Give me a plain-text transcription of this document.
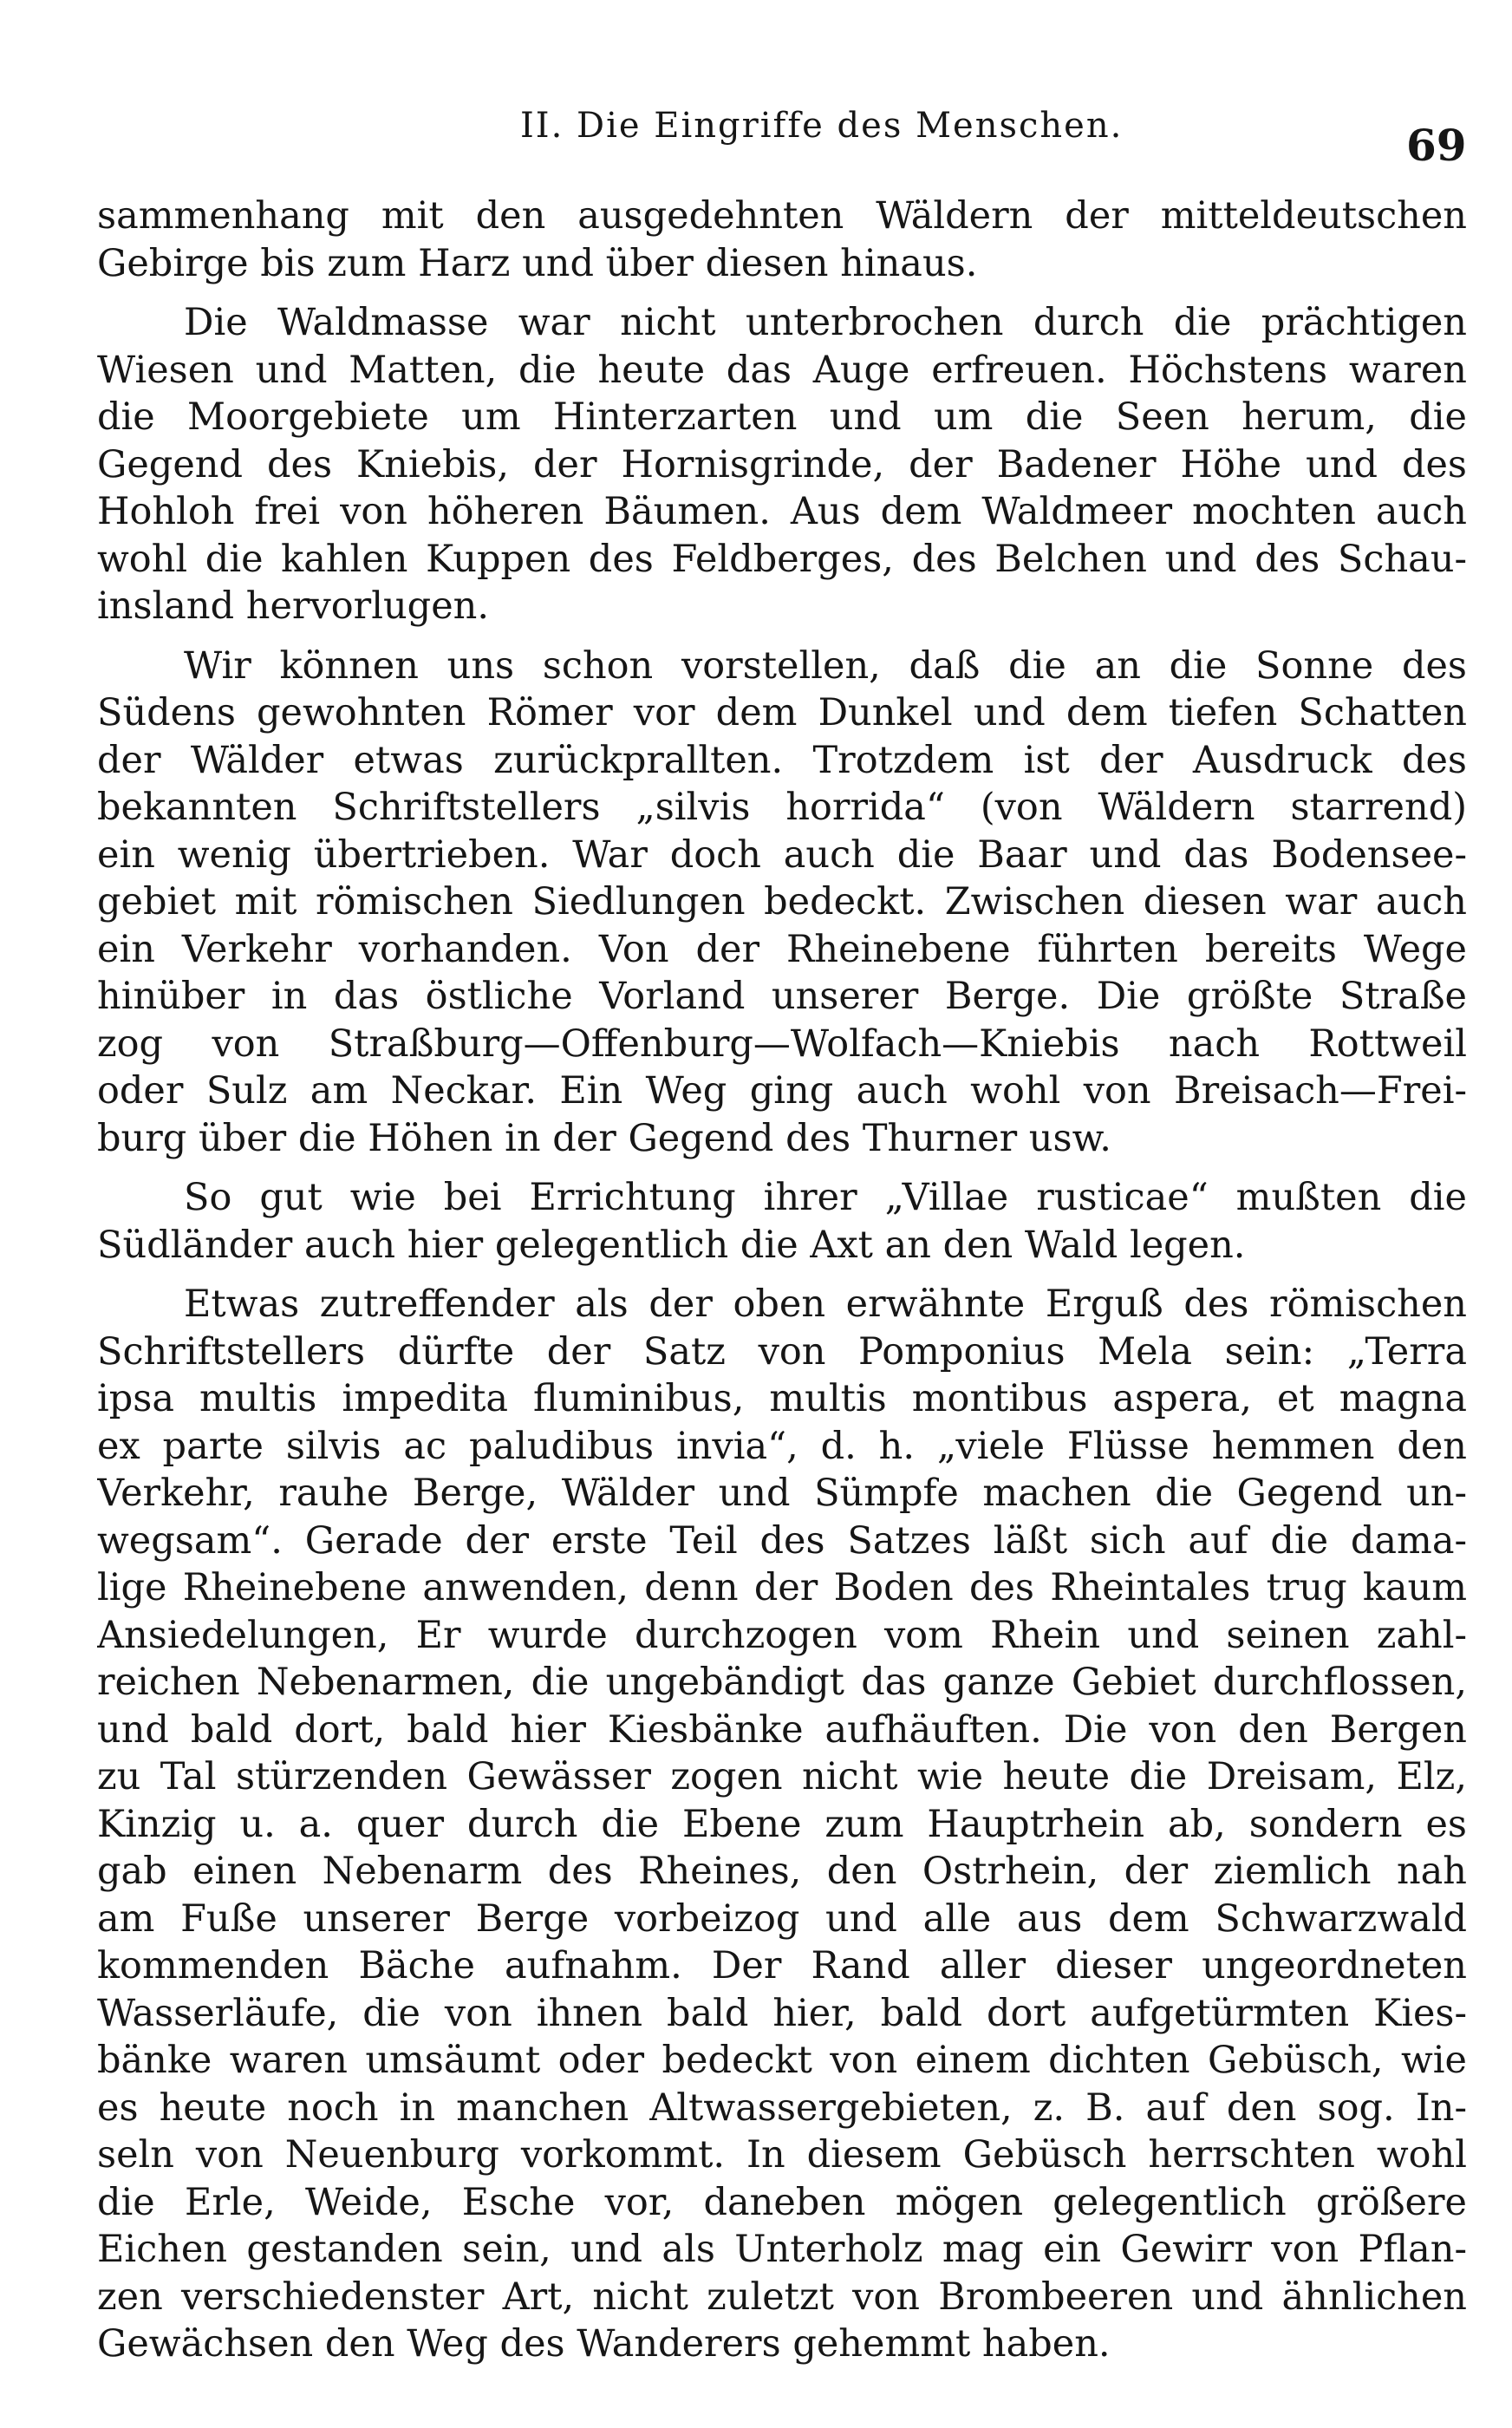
II. Die Eingriffe des Menschen.	69
sammenhang mit den ausgedehnten Wäldern der mitteldeutschen
Gebirge bis zum Harz und über diesen hinaus.
Die Waldmasse war nicht unterbrochen durch die prächtigen
Wiesen und Matten, die heute das Auge erfreuen. Höchstens waren
die Moorgebiete um Hinterzarten und um die Seen herum, die
Gegend des Kniebis, der Hornisgrinde, der Badener Höhe und des
Hohloh frei von höheren Bäumen. Aus dem Waldmeer mochten auch
wohl die kahlen Kuppen des Feldberges, des Belchen und des Schau-
insland hervorlugen.
Wir können uns schon vorstellen, daß die an die Sonne des
Südens gewohnten Römer vor dem Dunkel und dem tiefen Schatten
der Wälder etwas zurückprallten. Trotzdem ist der Ausdruck des
bekannten Schriftstellers „silvis horrida“ (von Wäldern starrend)
ein wenig übertrieben. War doch auch die Baar und das Bodensee-
gebiet mit römischen Siedlungen bedeckt. Zwischen diesen war auch
ein Verkehr vorhanden. Von der Rheinebene führten bereits Wege
hinüber in das östliche Vorland unserer Berge. Die größte Straße
zog von Straßburg—Offenburg—Wolfach—Kniebis nach Rottweil
oder Sulz am Neckar. Ein Weg ging auch wohl von Breisach—Frei-
burg über die Höhen in der Gegend des Thurner usw.
So gut wie bei Errichtung ihrer „Villae rusticae“ mußten die
Südländer auch hier gelegentlich die Axt an den Wald legen.
Etwas zutreffender als der oben erwähnte Erguß des römischen
Schriftstellers dürfte der Satz von Pomponius Mela sein: „Terra
ipsa multis impedita fluminibus, multis montibus aspera, et magna
ex parte silvis ac paludibus invia“, d. h. „viele Flüsse hemmen den
Verkehr, rauhe Berge, Wälder und Sümpfe machen die Gegend un-
wegsam“. Gerade der erste Teil des Satzes läßt sich auf die dama-
lige Rheinebene anwenden, denn der Boden des Rheintales trug kaum
Ansiedelungen, Er wurde durchzogen vom Rhein und seinen zahl-
reichen Nebenarmen, die ungebändigt das ganze Gebiet durchflossen,
und bald dort, bald hier Kiesbänke aufhäuften. Die von den Bergen
zu Tal stürzenden Gewässer zogen nicht wie heute die Dreisam, Elz,
Kinzig u. a. quer durch die Ebene zum Hauptrhein ab, sondern es
gab einen Nebenarm des Rheines, den Ostrhein, der ziemlich nah
am Fuße unserer Berge vorbeizog und alle aus dem Schwarzwald
kommenden Bäche aufnahm. Der Rand aller dieser ungeordneten
Wasserläufe, die von ihnen bald hier, bald dort aufgetürmten Kies-
bänke waren umsäumt oder bedeckt von einem dichten Gebüsch, wie
es heute noch in manchen Altwassergebieten, z. B. auf den sog. In-
seln von Neuenburg vorkommt. In diesem Gebüsch herrschten wohl
die Erle, Weide, Esche vor, daneben mögen gelegentlich größere
Eichen gestanden sein, und als Unterholz mag ein Gewirr von Pflan-
zen verschiedenster Art, nicht zuletzt von Brombeeren und ähnlichen
Gewächsen den Weg des Wanderers gehemmt haben.
